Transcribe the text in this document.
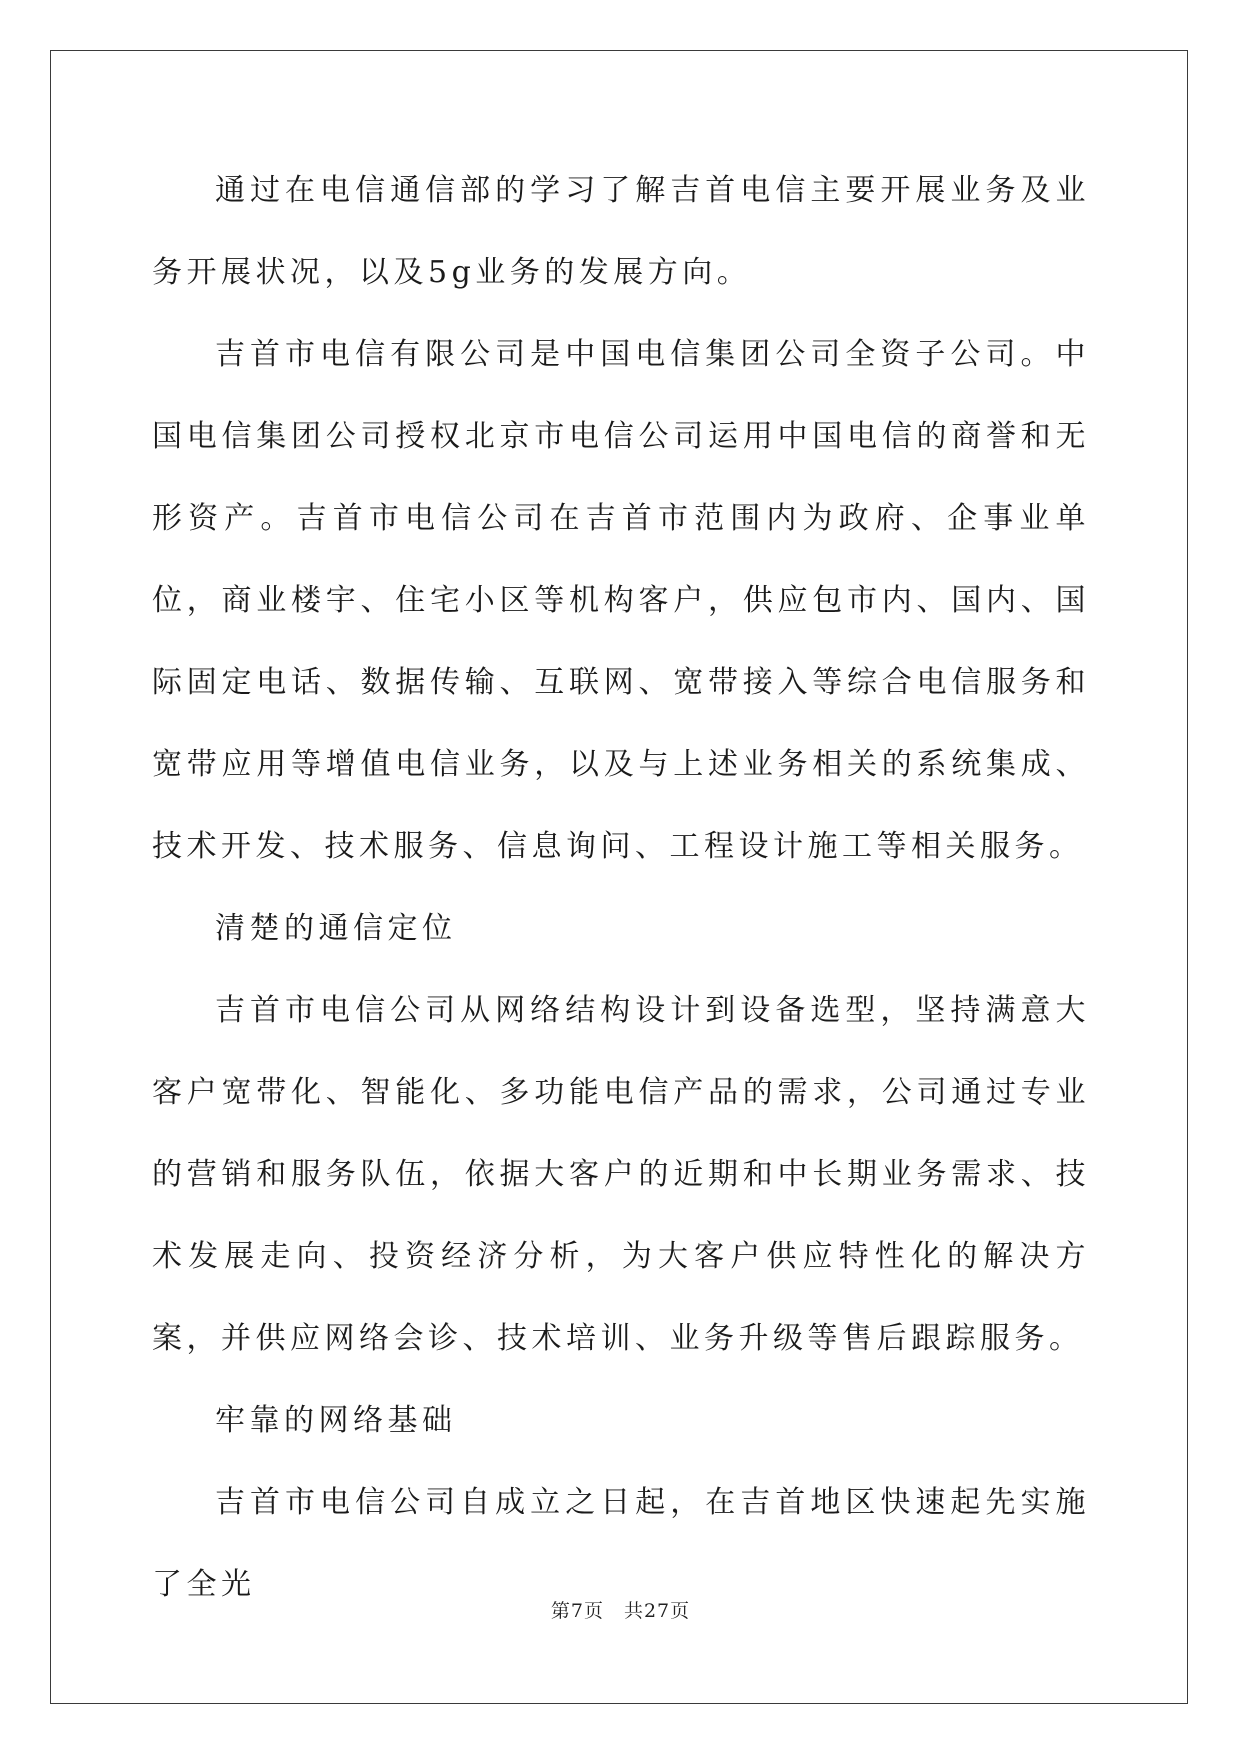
通过在电信通信部的学习了解吉首电信主要开展业务及业务开展状况，以及5g业务的发展方向。

吉首市电信有限公司是中国电信集团公司全资子公司。中国电信集团公司授权北京市电信公司运用中国电信的商誉和无形资产。吉首市电信公司在吉首市范围内为政府、企事业单位，商业楼宇、住宅小区等机构客户，供应包市内、国内、国际固定电话、数据传输、互联网、宽带接入等综合电信服务和宽带应用等增值电信业务，以及与上述业务相关的系统集成、技术开发、技术服务、信息询问、工程设计施工等相关服务。

清楚的通信定位

吉首市电信公司从网络结构设计到设备选型，坚持满意大客户宽带化、智能化、多功能电信产品的需求，公司通过专业的营销和服务队伍，依据大客户的近期和中长期业务需求、技术发展走向、投资经济分析，为大客户供应特性化的解决方案，并供应网络会诊、技术培训、业务升级等售后跟踪服务。

牢靠的网络基础

吉首市电信公司自成立之日起，在吉首地区快速起先实施了全光

第7页　共27页
